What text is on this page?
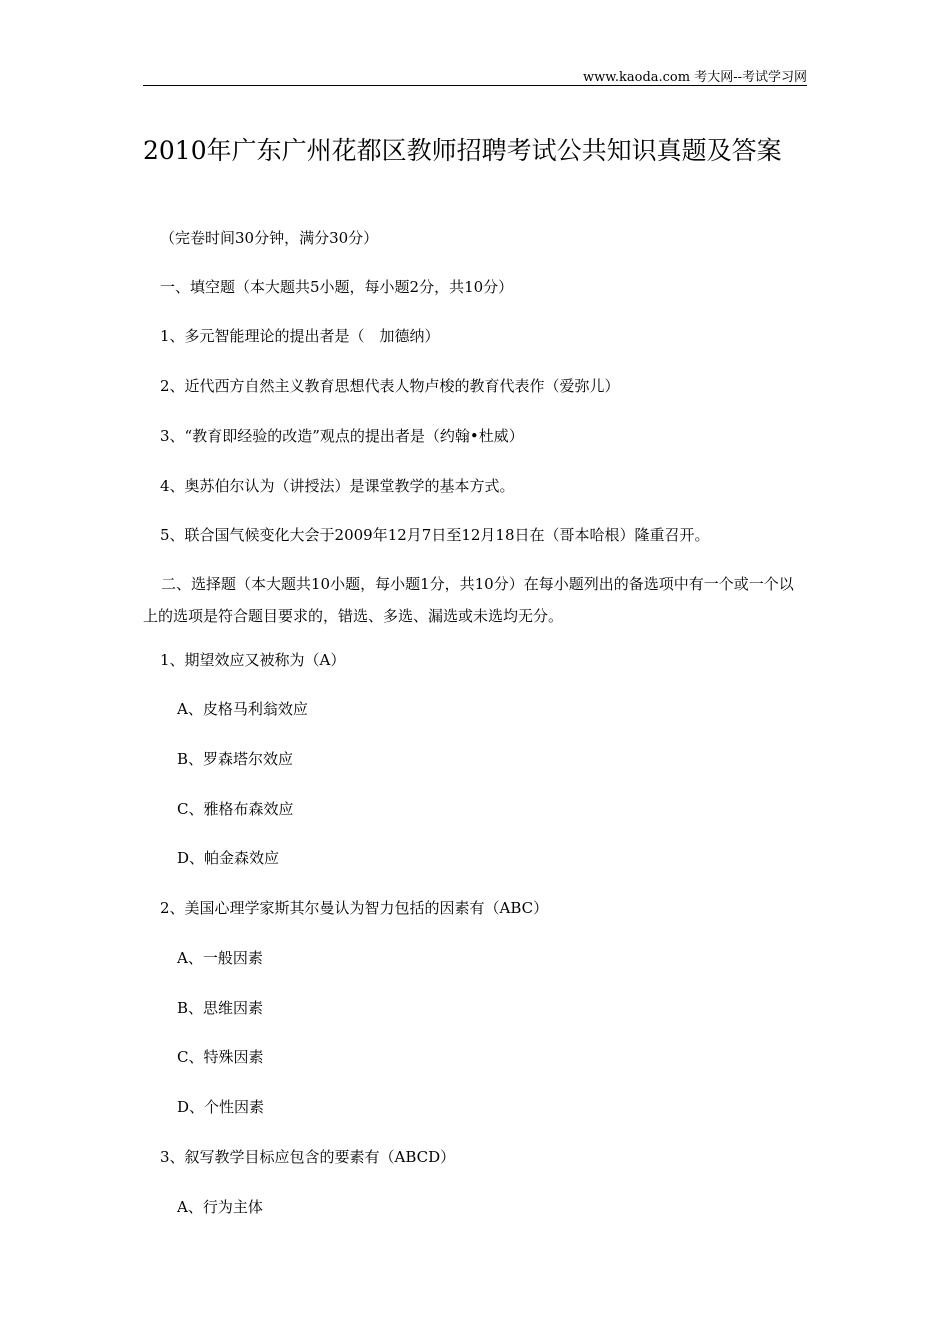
www.kaoda.com 考大网--考试学习网
2010年广东广州花都区教师招聘考试公共知识真题及答案
（完卷时间30分钟，满分30分）
一、填空题（本大题共5小题，每小题2分，共10分）
1、多元智能理论的提出者是（　加德纳）
2、近代西方自然主义教育思想代表人物卢梭的教育代表作（爱弥儿）
3、“教育即经验的改造”观点的提出者是（约翰•杜威）
4、奥苏伯尔认为（讲授法）是课堂教学的基本方式。
5、联合国气候变化大会于2009年12月7日至12月18日在（哥本哈根）隆重召开。
二、选择题（本大题共10小题，每小题1分，共10分）在每小题列出的备选项中有一个或一个以上的选项是符合题目要求的，错选、多选、漏选或未选均无分。
1、期望效应又被称为（A）
A、皮格马利翁效应
B、罗森塔尔效应
C、雅格布森效应
D、帕金森效应
2、美国心理学家斯其尔曼认为智力包括的因素有（ABC）
A、一般因素
B、思维因素
C、特殊因素
D、个性因素
3、叙写教学目标应包含的要素有（ABCD）
A、行为主体
